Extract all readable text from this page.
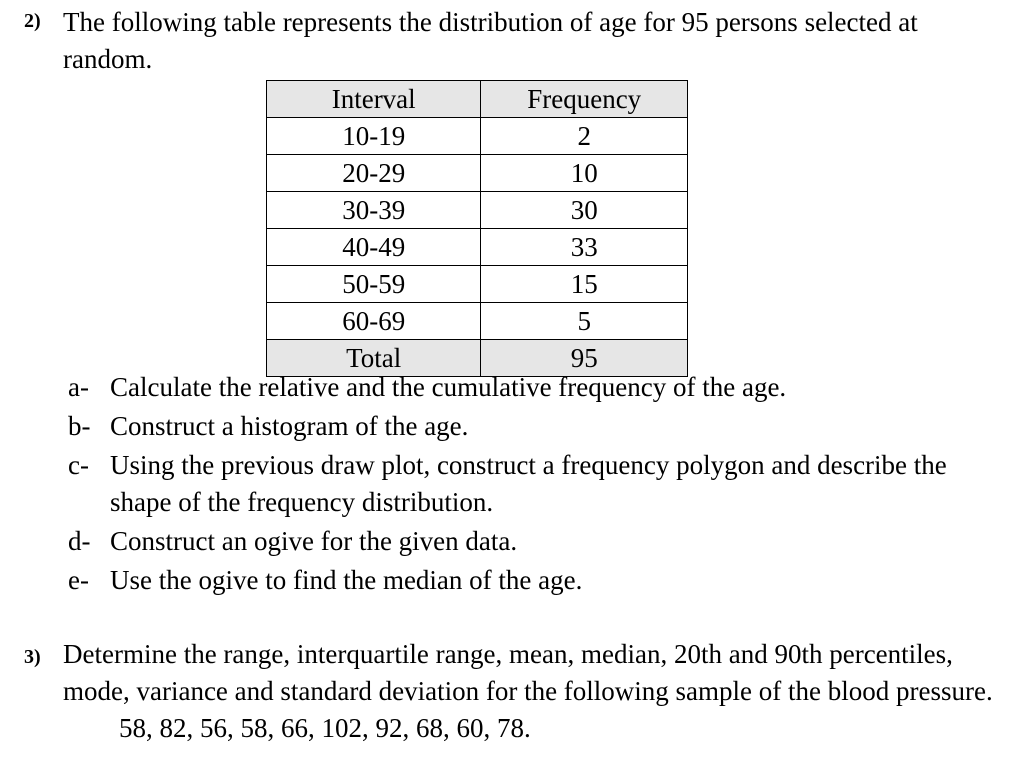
2) The following table represents the distribution of age for 95 persons selected at random.
Interval	Frequency
10-19	2
20-29	10
30-39	30
40-49	33
50-59	15
60-69	5
Total	95
a- Calculate the relative and the cumulative frequency of the age.
b- Construct a histogram of the age.
c- Using the previous draw plot, construct a frequency polygon and describe the shape of the frequency distribution.
d- Construct an ogive for the given data.
e- Use the ogive to find the median of the age.
3) Determine the range, interquartile range, mean, median, 20th and 90th percentiles, mode, variance and standard deviation for the following sample of the blood pressure.58, 82, 56, 58, 66, 102, 92, 68, 60, 78.
